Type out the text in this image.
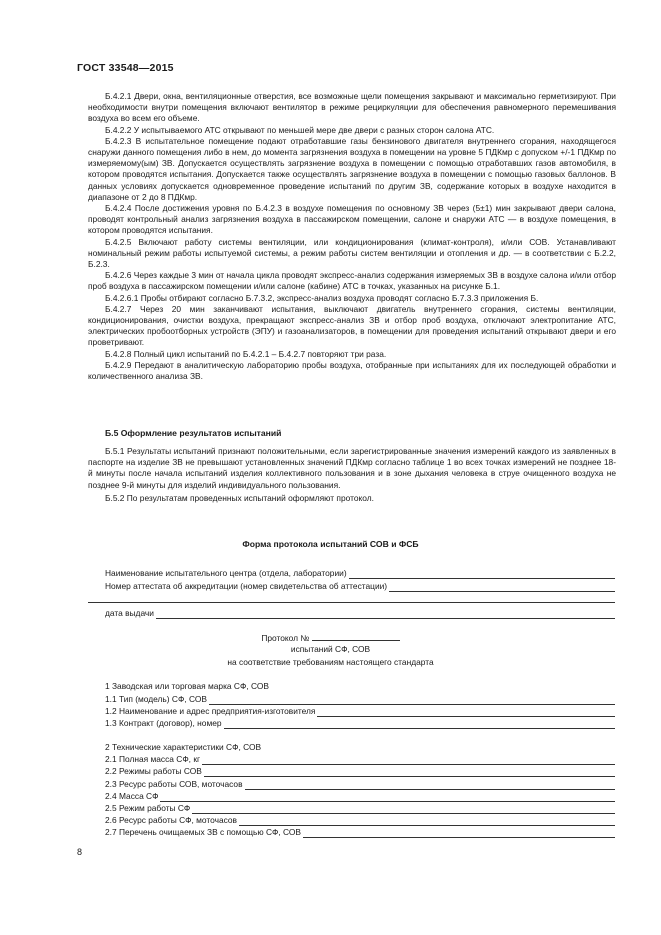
ГОСТ 33548—2015

Б.4.2.1 Двери, окна, вентиляционные отверстия, все возможные щели помещения закрывают и максимально герметизируют. При необходимости внутри помещения включают вентилятор в режиме рециркуляции для обеспечения равномерного перемешивания воздуха во всем его объеме.

Б.4.2.2 У испытываемого АТС открывают по меньшей мере две двери с разных сторон салона АТС.

Б.4.2.3 В испытательное помещение подают отработавшие газы бензинового двигателя внутреннего сгорания, находящегося снаружи данного помещения либо в нем, до момента загрязнения воздуха в помещении на уровне 5 ПДКмр с допуском +/-1 ПДКмр по измеряемому(ым) ЗВ. Допускается осуществлять загрязнение воздуха в помещении с помощью отработавших газов автомобиля, в котором проводятся испытания. Допускается также осуществлять загрязнение воздуха в помещении с помощью газовых баллонов. В данных условиях допускается одновременное проведение испытаний по другим ЗВ, содержание которых в воздухе находится в диапазоне от 2 до 8 ПДКмр.

Б.4.2.4 После достижения уровня по Б.4.2.3 в воздухе помещения по основному ЗВ через (5±1) мин закрывают двери салона, проводят контрольный анализ загрязнения воздуха в пассажирском помещении, салоне и снаружи АТС — в воздухе помещения, в котором проводятся испытания.

Б.4.2.5 Включают работу системы вентиляции, или кондиционирования (климат-контроля), и/или СОВ. Устанавливают номинальный режим работы испытуемой системы, а режим работы систем вентиляции и отопления и др. — в соответствии с Б.2.2, Б.2.3.

Б.4.2.6 Через каждые 3 мин от начала цикла проводят экспресс-анализ содержания измеряемых ЗВ в воздухе салона и/или отбор проб воздуха в пассажирском помещении и/или салоне (кабине) АТС в точках, указанных на рисунке Б.1.

Б.4.2.6.1 Пробы отбирают согласно Б.7.3.2, экспресс-анализ воздуха проводят согласно Б.7.3.3 приложения Б.

Б.4.2.7 Через 20 мин заканчивают испытания, выключают двигатель внутреннего сгорания, системы вентиляции, кондиционирования, очистки воздуха, прекращают экспресс-анализ ЗВ и отбор проб воздуха, отключают электропитание АТС, электрических пробоотборных устройств (ЭПУ) и газоанализаторов, в помещении для проведения испытаний открывают двери и его проветривают.

Б.4.2.8 Полный цикл испытаний по Б.4.2.1 – Б.4.2.7 повторяют три раза.

Б.4.2.9 Передают в аналитическую лабораторию пробы воздуха, отобранные при испытаниях для их последующей обработки и количественного анализа ЗВ.

Б.5 Оформление результатов испытаний

Б.5.1 Результаты испытаний признают положительными, если зарегистрированные значения измерений каждого из заявленных в паспорте на изделие ЗВ не превышают установленных значений ПДКмр согласно таблице 1 во всех точках измерений не позднее 18-й минуты после начала испытаний изделия коллективного пользования и в зоне дыхания человека в струе очищенного воздуха не позднее 9-й минуты для изделий индивидуального пользования.

Б.5.2 По результатам проведенных испытаний оформляют протокол.

Форма протокола испытаний СОВ и ФСБ
Наименование испытательного центра (отдела, лаборатории)
Номер аттестата об аккредитации (номер свидетельства об аттестации)
дата выдачи
Протокол №
испытаний СФ, СОВ
на соответствие требованиям настоящего стандарта
1 Заводская или торговая марка СФ, СОВ
1.1 Тип (модель) СФ, СОВ
1.2 Наименование и адрес предприятия-изготовителя
1.3 Контракт (договор), номер
2 Технические характеристики СФ, СОВ
2.1 Полная масса СФ, кг
2.2 Режимы работы СОВ
2.3 Ресурс работы СОВ, моточасов
2.4 Масса СФ
2.5 Режим работы СФ
2.6 Ресурс работы СФ, моточасов
2.7 Перечень очищаемых ЗВ с помощью СФ, СОВ
8
